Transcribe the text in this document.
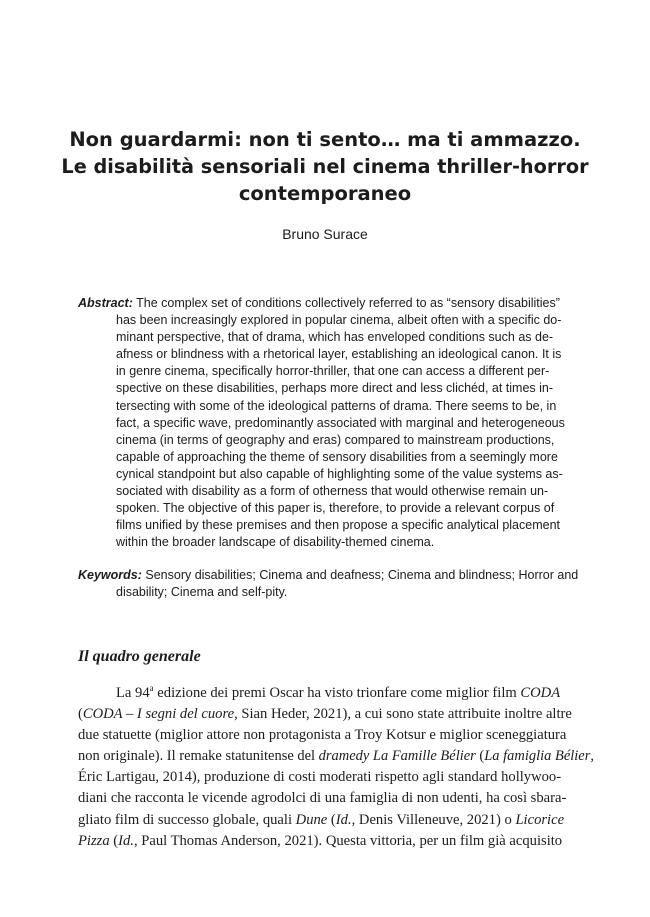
Non guardarmi: non ti sento… ma ti ammazzo.
Le disabilità sensoriali nel cinema thriller-horror
contemporaneo
Bruno Surace
Abstract: The complex set of conditions collectively referred to as “sensory disabilities”
has been increasingly explored in popular cinema, albeit often with a specific do-
minant perspective, that of drama, which has enveloped conditions such as de-
afness or blindness with a rhetorical layer, establishing an ideological canon. It is
in genre cinema, specifically horror-thriller, that one can access a different per-
spective on these disabilities, perhaps more direct and less clichéd, at times in-
tersecting with some of the ideological patterns of drama. There seems to be, in
fact, a specific wave, predominantly associated with marginal and heterogeneous
cinema (in terms of geography and eras) compared to mainstream productions,
capable of approaching the theme of sensory disabilities from a seemingly more
cynical standpoint but also capable of highlighting some of the value systems as-
sociated with disability as a form of otherness that would otherwise remain un-
spoken. The objective of this paper is, therefore, to provide a relevant corpus of
films unified by these premises and then propose a specific analytical placement
within the broader landscape of disability-themed cinema.
Keywords: Sensory disabilities; Cinema and deafness; Cinema and blindness; Horror and
disability; Cinema and self-pity.
Il quadro generale
La 94$^a$ edizione dei premi Oscar ha visto trionfare come miglior film CODA
(CODA – I segni del cuore, Sian Heder, 2021), a cui sono state attribuite inoltre altre
due statuette (miglior attore non protagonista a Troy Kotsur e miglior sceneggiatura
non originale). Il remake statunitense del dramedy La Famille Bélier (La famiglia Bélier,
Éric Lartigau, 2014), produzione di costi moderati rispetto agli standard hollywoo-
diani che racconta le vicende agrodolci di una famiglia di non udenti, ha così sbara-
gliato film di successo globale, quali Dune (Id., Denis Villeneuve, 2021) o Licorice
Pizza (Id., Paul Thomas Anderson, 2021). Questa vittoria, per un film già acquisito
